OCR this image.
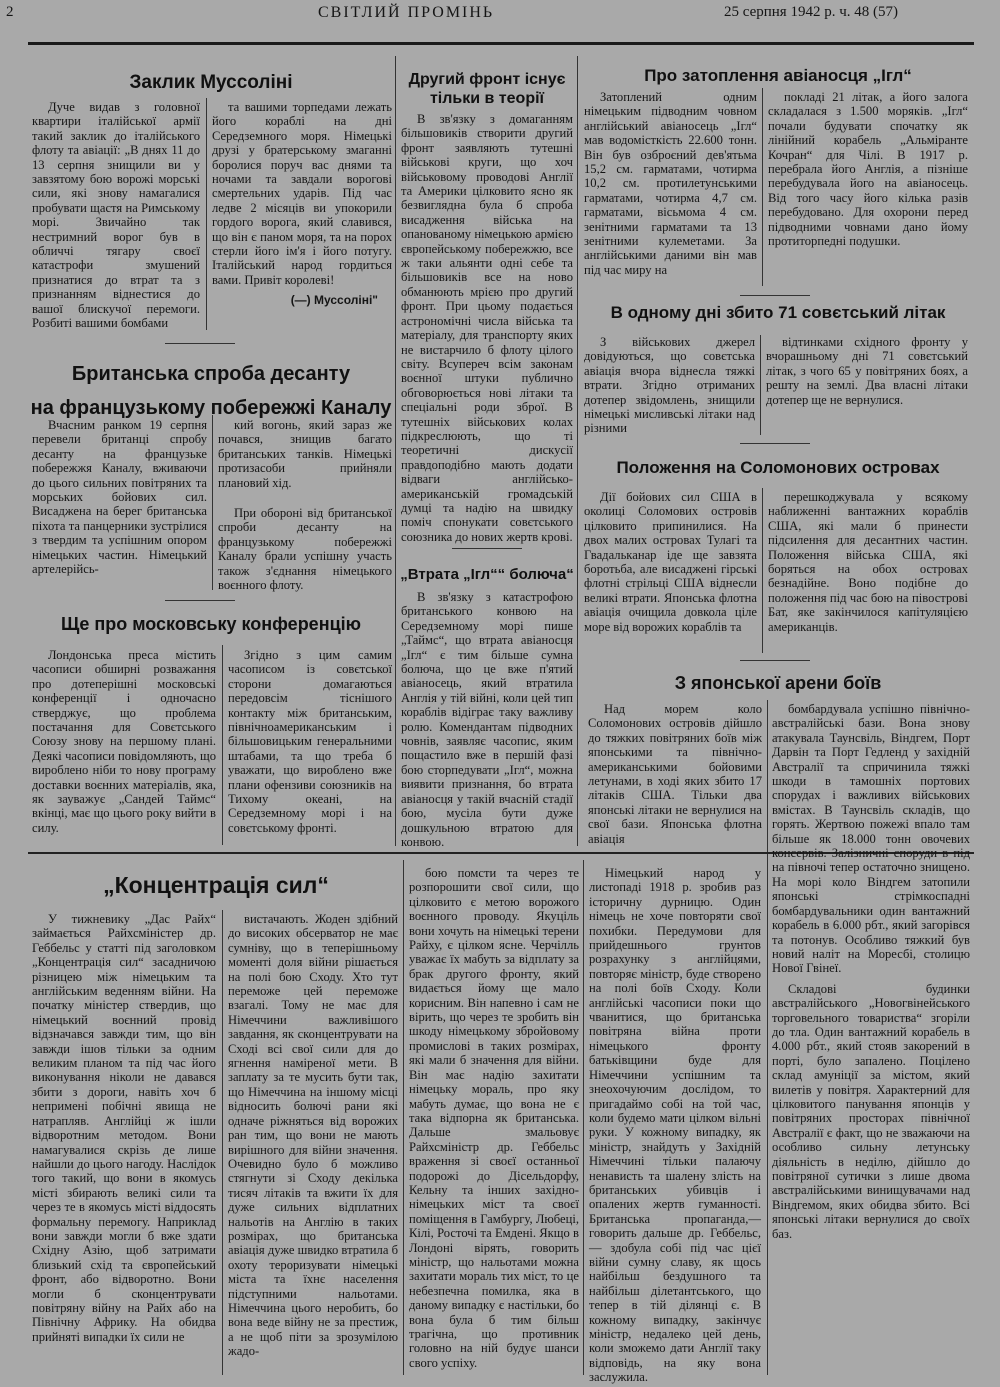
2	СВІТЛИЙ ПРОМІНЬ	25 серпня 1942 р. ч. 48 (57)
Заклик Муссоліні

Дуче видав з головної квартири італійської армії такий заклик до італійського флоту та авіації: „В днях 11 до 13 серпня знищили ви у завзятому бою ворожі морські сили, які знову намагалися пробувати щастя на Римському морі. Звичайно так нестримний ворог був в обличчі тягару своєї катастрофи змушений признатися до втрат та з признанням віднестися до вашої блискучої перемоги. Розбиті вашими бомбами

та вашими торпедами лежать його кораблі на дні Середземного моря. Німецькі друзі у братерському змаганні боролися поруч вас днями та ночами та завдали ворогові смертельних ударів. Під час ледве 2 місяців ви упокорили гордого ворога, який славився, що він є паном моря, та на порох стерли його ім'я і його потугу. Італійський народ гордиться вами. Привіт королеві!

(—) Муссоліні"
Британська спроба десанту
на французькому побережжі Каналу

Вчасним ранком 19 серпня перевели британці спробу десанту на французьке побережжя Каналу, вживаючи до цього сильних повітряних та морських бойових сил. Висаджена на берег британська піхота та панцерники зустрілися з твердим та успішним опором німецьких частин. Німецький артелерійсь-

кий вогонь, який зараз же почався, знищив багато британських танків. Німецькі протизасоби прийняли плановий хід.

При обороні від британської спроби десанту на французькому побережжі Каналу брали успішну участь також з'єднання німецького воєнного флоту.

Ще про московську конференцію

Лондонська преса містить часописи обширні розважання про дотеперішні московські конференції і одночасно стверджує, що проблема постачання для Совєтського Союзу знову на першому плані. Деякі часописи повідомляють, що вироблено ніби то нову програму доставки воєнних матеріалів, яка, як зауважує „Сандей Таймс“ вкінці, має що цього року вийти в силу.

Згідно з цим самим часописом із совєтської сторони домагаються передовсім тіснішого контакту між британським, північноамериканським і більшовицьким генеральними штабами, та що треба б уважати, що вироблено вже плани офензиви союзників на Тихому океані, на Середземному морі і на совєтському фронті.

Другий фронт існує тільки в теорії

В зв'язку з домаганням більшовиків створити другий фронт заявляють тутешні військові круги, що хоч військовому проводові Англії та Америки цілковито ясно як безвиглядна була б спроба висадження війська на опанованому німецькою армією європейському побережжю, все ж таки альянти одні себе та більшовиків все на ново обманюють мрією про другий фронт. При цьому подається астрономічні числа війська та матеріалу, для транспорту яких не вистарчило б флоту цілого світу. Всупереч всім законам воєнної штуки публично обговорюється нові літаки та спеціальні роди зброї. В тутешніх військових колах підкреслюють, що ті теоретичні дискусії правдоподібно мають додати відваги англійсько-американській громадській думці та надію на швидку поміч спонукати совєтського союзника до нових жертв крові.

„Втрата „Ігл““ болюча“

В зв'язку з катастрофою британського конвою на Середземному морі пише „Таймс“, що втрата авіаносця „Ігл“ є тим більше сумна болюча, що це вже п'ятий авіаносець, який втратила Англія у тій війні, коли цей тип кораблів відіграє таку важливу ролю. Комендантам підводних човнів, заявляє часопис, яким пощастило вже в першій фазі бою сторпедувати „Ігл“, можна виявити признання, бо втрата авіаносця у такій вчасній стадії бою, мусіла бути дуже дошкульною втратою для конвою.

Про затоплення авіаносця „Ігл“

Затоплений одним німецьким підводним човном англійський авіаносець „Ігл“ мав водомісткість 22.600 тонн. Він був озброєний дев'ятьма 15,2 см. гарматами, чотирма 10,2 см. протилетунськими гарматами, чотирма 4,7 см. гарматами, вісьмома 4 см. зенітними гарматами та 13 зенітними кулеметами. За англійськими даними він мав під час миру на

покладі 21 літак, а його залога складалася з 1.500 моряків. „Ігл“ почали будувати спочатку як лінійний корабель „Альміранте Кочран“ для Чілі. В 1917 р. перебрала його Англія, а пізніше перебудувала його на авіаносець. Від того часу його кілька разів перебудовано. Для охорони перед підводними човнами дано йому протиторпедні подушки.

В одному дні збито 71 совєтський літак

З військових джерел довідуються, що совєтська авіація вчора віднесла тяжкі втрати. Згідно отриманих дотепер звідомлень, знищили німецькі мисливські літаки над різними

відтинками східного фронту у вчорашньому дні 71 совєтський літак, з чого 65 у повітряних боях, а решту на землі. Два власні літаки дотепер ще не вернулися.

Положення на Соломонових островах

Дії бойових сил США в околиці Соломових островів цілковито припинилися. На двох малих островах Тулагі та Гвадальканар іде ще завзята боротьба, але висаджені гірські флотні стрільці США віднесли великі втрати. Японська флотна авіація очищила довкола ціле море від ворожих кораблів та

перешкоджувала у всякому наближенні вантажних кораблів США, які мали б принести підсилення для десантних частин. Положення війська США, які боряться на обох островах безнадійне. Воно подібне до положення під час бою на півострові Бат, яке закінчилося капітуляцією американців.

З японської арени боїв

Над морем коло Соломонових островів дійшло до тяжких повітряних боїв між японськими та північно-американськими бойовими летунами, в ході яких збито 17 літаків США. Тільки два японські літаки не вернулися на свої бази. Японська флотна авіація

бомбардувала успішно північно-австралійські бази. Вона знову атакувала Таунсвіль, Віндгем, Порт Дарвін та Порт Гедленд у західній Австралії та спричинила тяжкі шкоди в тамошніх портових спорудах і важливих військових вмістах. В Таунсвіль складів, що горять. Жертвою пожежі впало там більше як 18.000 тонн овочевих консервів. Залізничні споруди в під на півночі тепер остаточно знищено. На морі коло Віндгем затопили японські стрімкоспадні бомбардувальники один вантажний корабель в 6.000 рбт., який загорівся та потонув. Особливо тяжкий був новий наліт на Моресбі, столицю Нової Гвінеї.

Складові будинки австралійського „Новогвінейського торговельного товариства“ згоріли до тла. Один вантажний корабель в 4.000 рбт., який стояв закорений в порті, було запалено. Поцілено склад амуніції за містом, який вилетів у повітря. Характерний для цілковитого панування японців у повітряних просторах північної Австралії є факт, що не зважаючи на особливо сильну летунську діяльність в неділю, дійшло до повітряної сутички з лише двома австралійськими винищувачами над Віндгемом, яких обидва збито. Всі японські літаки вернулися до своїх баз.

„Концентрація сил“

У тижневику „Дас Райх“ займається Райхсміністер др. Геббельс у статті під заголовком „Концентрація сил“ засадничою різницею між німецьким та англійським веденням війни. На початку міністер ствердив, що німецький воєнний провід відзначався завжди тим, що він завжди ішов тільки за одним великим планом та під час його виконування ніколи не давався збити з дороги, навіть хоч б непримені побічні явища не натрапляв. Англійці ж ішли відворотним методом. Вони намагувалися скрізь де лише найшли до цього нагоду. Наслідок того такий, що вони в якомусь місті збирають великі сили та через те в якомусь місті віддосять формальну перемогу. Наприклад вони завжди могли б вже здати Східну Азію, щоб затримати близький схід та європейський фронт, або відворотно. Вони могли б сконцентрувати повітряну війну на Райх або на Північну Африку. На обидва прийняті випадки їх сили не

вистачають. Жоден здібний до високих обсерватор не має сумніву, що в теперішньому моменті доля війни рішається на полі бою Сходу. Хто тут переможе цей переможе взагалі. Тому не має для Німеччини важливішого завдання, як сконцентрувати на Сході всі свої сили для до ягнення наміреної мети. В заплату за те мусить бути так, що Німеччина на іншому місці відносить болючі рани які одначе ріжняться від ворожих ран тим, що вони не мають вирішного для війни значення. Очевидно було б можливо стягнути зі Сходу декілька тисяч літаків та вжити їх для дуже сильних відплатних нальотів на Англію в таких розмірах, що британська авіація дуже швидко втратила б охоту тероризувати німецькі міста та їхнє населення підступними нальотами. Німеччина цього неробить, бо вона веде війну не за престиж, а не щоб піти за зрозумілою жадо-

бою помсти та через те розпорошити свої сили, що цілковито є метою ворожого воєнного проводу. Якуціль вони хочуть на німецькі терени Райху, є цілком ясне. Черчілль уважає їх мабуть за відплату за брак другого фронту, який видається йому ще мало корисним. Він напевно і сам не вірить, що через те зробить він шкоду німецькому збройовому промислові в таких розмірах, які мали б значення для війни. Він має надію захитати німецьку мораль, про яку мабуть думає, що вона не є така відпорна як британська. Дальше змальовує Райхсміністр др. Геббельс враження зі своєї останньої подорожі до Дісельдорфу, Кельну та інших західно-німецьких міст та своєї поміщення в Гамбургу, Любеці, Кілі, Росточі та Емдені. Якщо в Лондоні вірять, говорить міністр, що нальотами можна захитати мораль тих міст, то це небезпечна помилка, яка в даному випадку є настільки, бо вона була б тим більш трагічна, що противник головно на ній будує шанси свого успіху.

Німецький народ у листопаді 1918 р. зробив раз історичну дурницю. Один німець не хоче повторяти свої похибки. Передумови для прийдешнього грунтов розрахунку з англійцями, повторяє міністр, буде створено на полі боїв Сходу. Коли англійські часописи поки що чванитися, що британська повітряна війна проти німецького фронту батьківщини буде для Німеччини успішним та знеохочуючим дослідом, то пригадаймо собі на той час, коли будемо мати цілком вільні руки. У кожному випадку, як міністр, знайдуть у Західній Німеччині тільки палаючу ненависть та шалену злість на британських убивців і опалених жертв гуманності. Британська пропаганда,— говорить дальше др. Геббельс,— здобула собі під час цієї війни сумну славу, як щось найбільш бездушного та найбільш ділетантського, що тепер в тій ділянці є. В кожному випадку, закінчує міністр, недалеко цей день, коли зможемо дати Англії таку відповідь, на яку вона заслужила.
